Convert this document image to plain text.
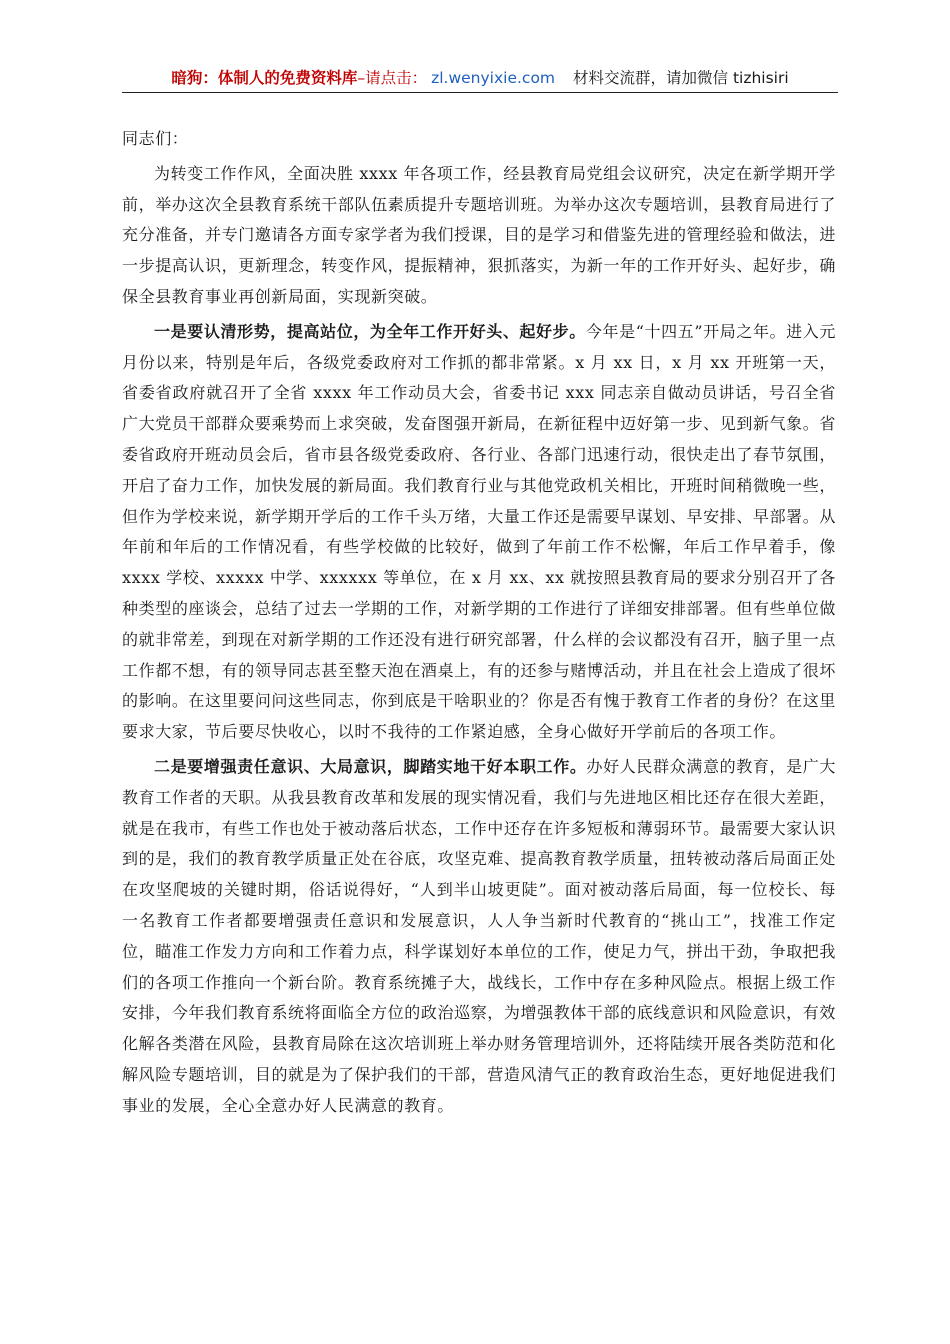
暗狗：体制人的免费资料库–请点击： zl.wenyixie.com 材料交流群，请加微信 tizhisiri

同志们：

为转变工作作风，全面决胜 xxxx 年各项工作，经县教育局党组会议研究，决定在新学期开学前，举办这次全县教育系统干部队伍素质提升专题培训班。为举办这次专题培训，县教育局进行了充分准备，并专门邀请各方面专家学者为我们授课，目的是学习和借鉴先进的管理经验和做法，进一步提高认识，更新理念，转变作风，提振精神，狠抓落实，为新一年的工作开好头、起好步，确保全县教育事业再创新局面，实现新突破。

一是要认清形势，提高站位，为全年工作开好头、起好步。今年是“十四五”开局之年。进入元月份以来，特别是年后，各级党委政府对工作抓的都非常紧。x 月 xx 日，x 月 xx 开班第一天，省委省政府就召开了全省 xxxx 年工作动员大会，省委书记 xxx 同志亲自做动员讲话，号召全省广大党员干部群众要乘势而上求突破，发奋图强开新局，在新征程中迈好第一步、见到新气象。省委省政府开班动员会后，省市县各级党委政府、各行业、各部门迅速行动，很快走出了春节氛围，开启了奋力工作，加快发展的新局面。我们教育行业与其他党政机关相比，开班时间稍微晚一些，但作为学校来说，新学期开学后的工作千头万绪，大量工作还是需要早谋划、早安排、早部署。从年前和年后的工作情况看，有些学校做的比较好，做到了年前工作不松懈，年后工作早着手，像 xxxx 学校、xxxxx 中学、xxxxxx 等单位，在 x 月 xx、xx 就按照县教育局的要求分别召开了各种类型的座谈会，总结了过去一学期的工作，对新学期的工作进行了详细安排部署。但有些单位做的就非常差，到现在对新学期的工作还没有进行研究部署，什么样的会议都没有召开，脑子里一点工作都不想，有的领导同志甚至整天泡在酒桌上，有的还参与赌博活动，并且在社会上造成了很坏的影响。在这里要问问这些同志，你到底是干啥职业的？你是否有愧于教育工作者的身份？在这里要求大家，节后要尽快收心，以时不我待的工作紧迫感，全身心做好开学前后的各项工作。

二是要增强责任意识、大局意识，脚踏实地干好本职工作。办好人民群众满意的教育，是广大教育工作者的天职。从我县教育改革和发展的现实情况看，我们与先进地区相比还存在很大差距，就是在我市，有些工作也处于被动落后状态，工作中还存在许多短板和薄弱环节。最需要大家认识到的是，我们的教育教学质量正处在谷底，攻坚克难、提高教育教学质量，扭转被动落后局面正处在攻坚爬坡的关键时期，俗话说得好，“人到半山坡更陡”。面对被动落后局面，每一位校长、每一名教育工作者都要增强责任意识和发展意识，人人争当新时代教育的“挑山工”，找准工作定位，瞄准工作发力方向和工作着力点，科学谋划好本单位的工作，使足力气，拼出干劲，争取把我们的各项工作推向一个新台阶。教育系统摊子大，战线长，工作中存在多种风险点。根据上级工作安排，今年我们教育系统将面临全方位的政治巡察，为增强教体干部的底线意识和风险意识，有效化解各类潜在风险，县教育局除在这次培训班上举办财务管理培训外，还将陆续开展各类防范和化解风险专题培训，目的就是为了保护我们的干部，营造风清气正的教育政治生态，更好地促进我们事业的发展，全心全意办好人民满意的教育。
